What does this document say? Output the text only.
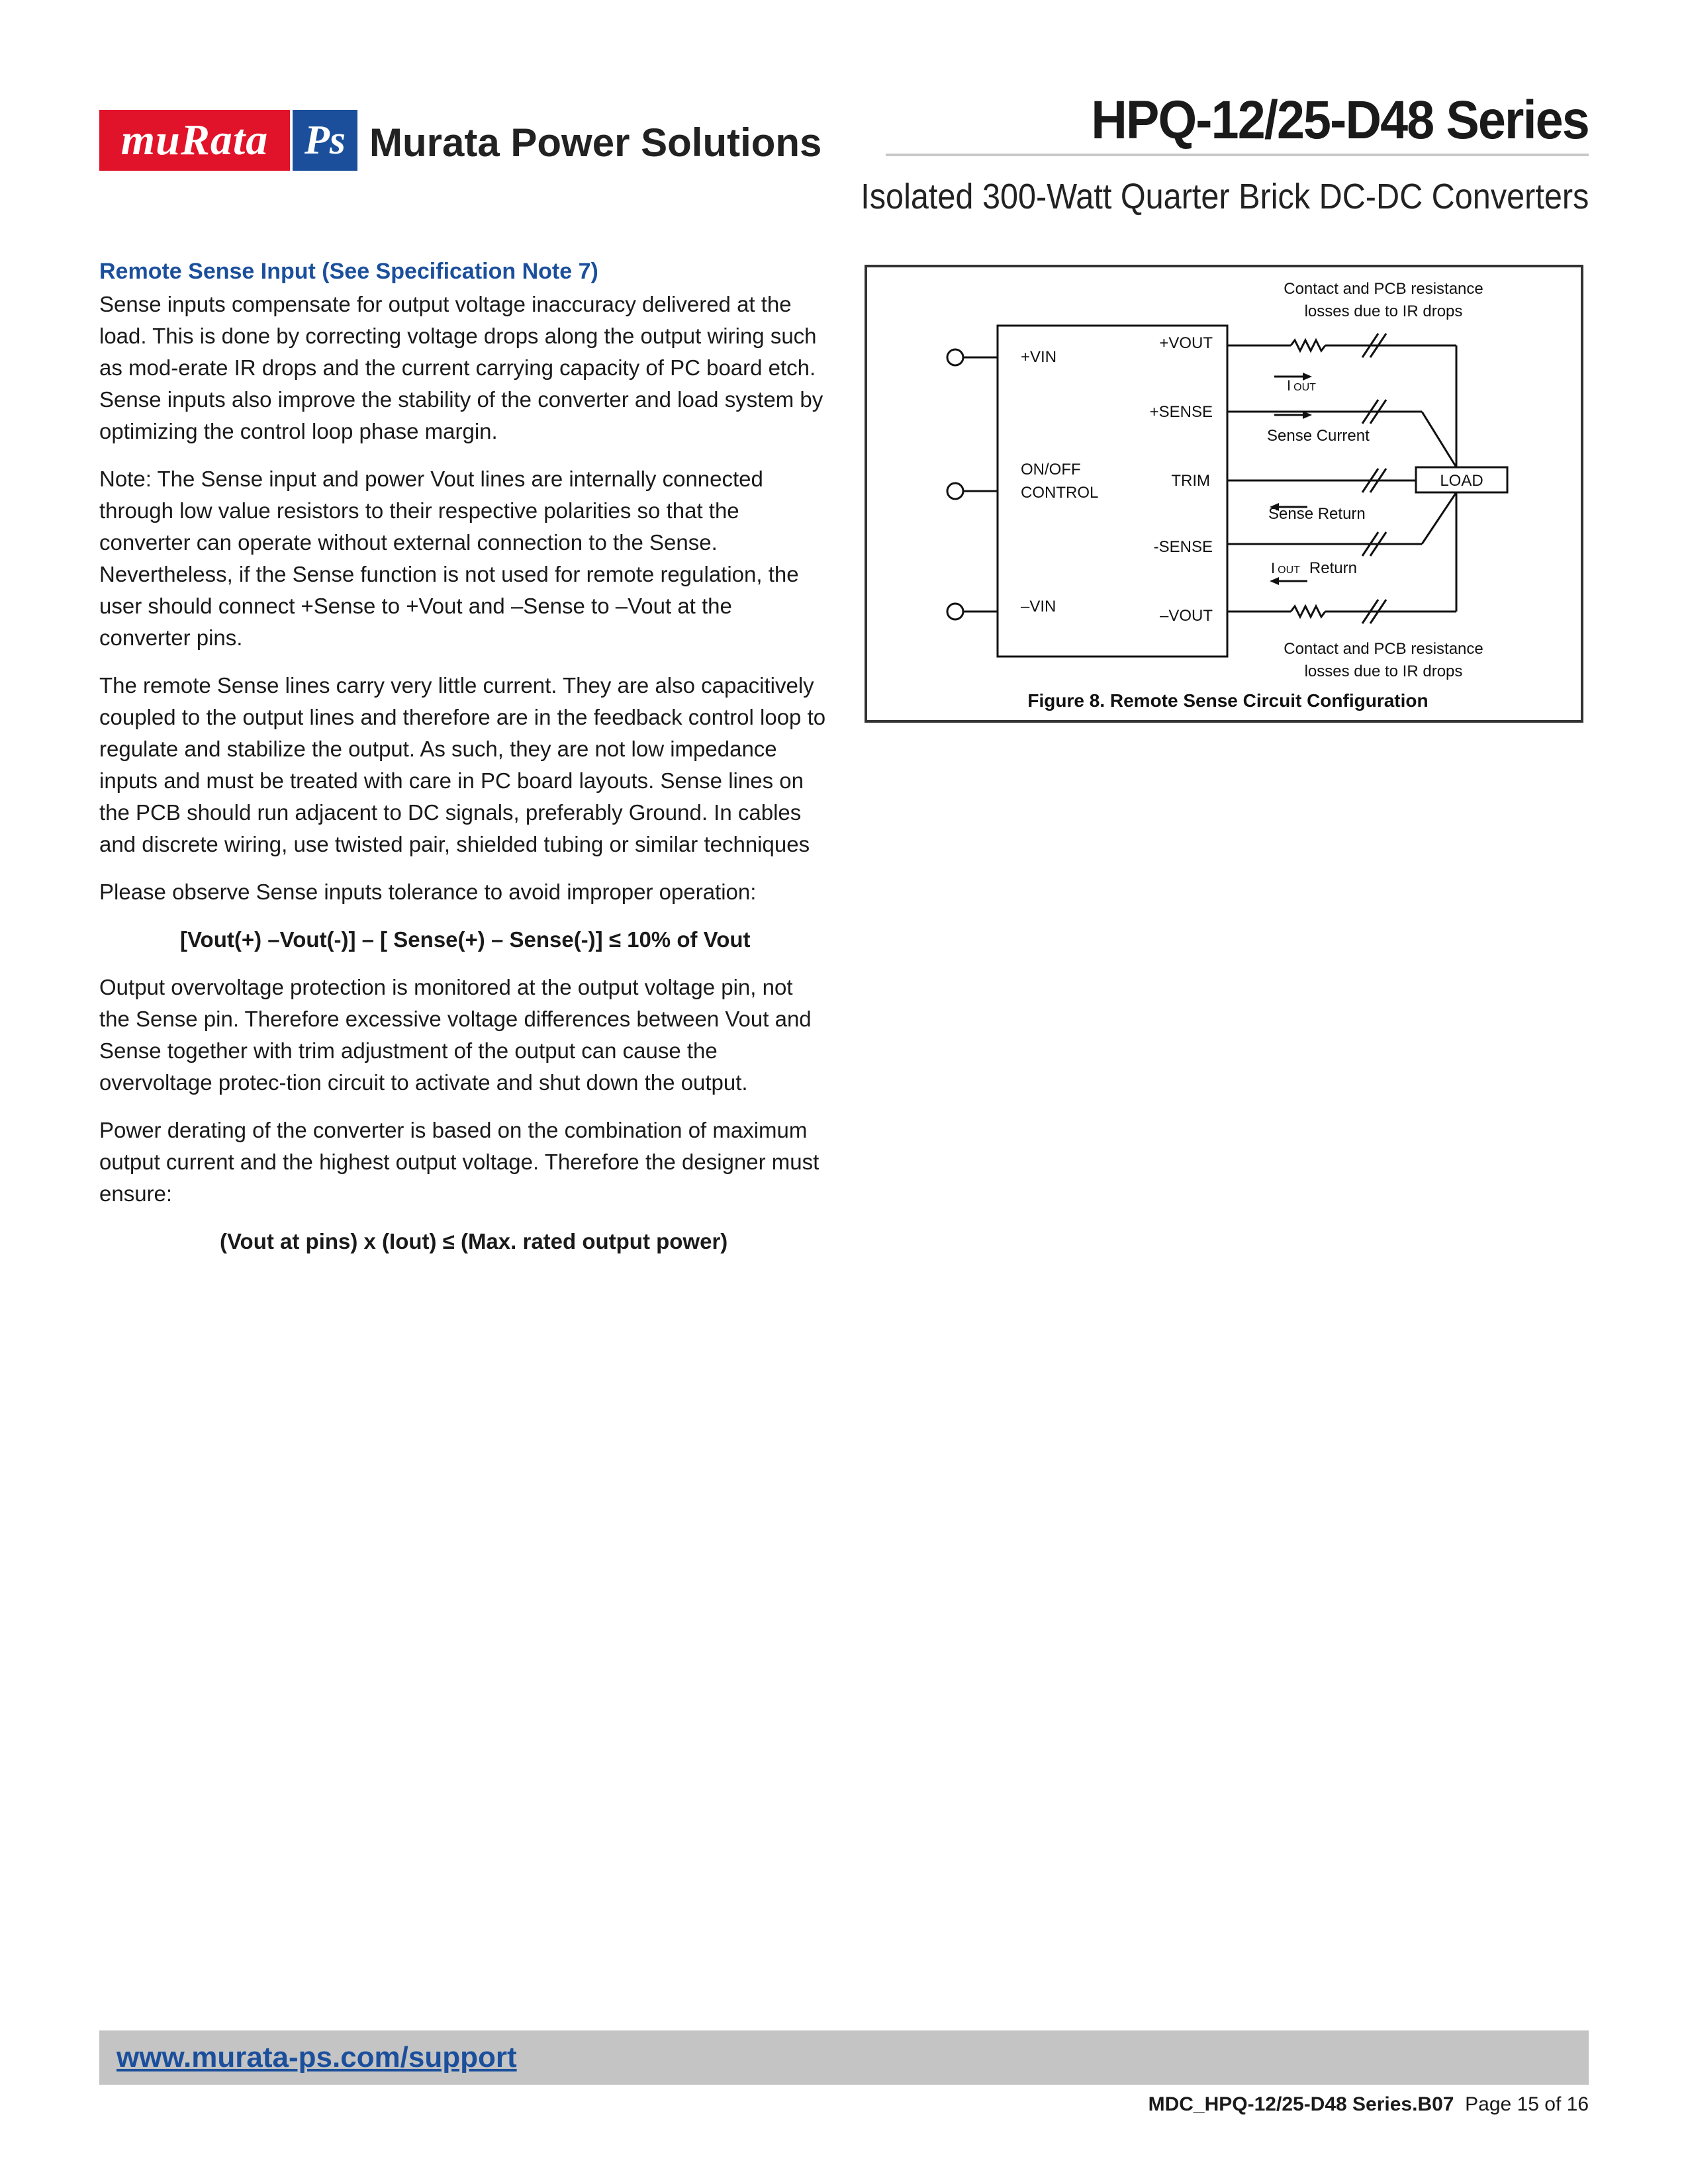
muRata Ps Murata Power Solutions	HPQ-12/25-D48 Series
Isolated 300-Watt Quarter Brick DC-DC Converters
Remote Sense Input (See Specification Note 7)

Sense inputs compensate for output voltage inaccuracy delivered at the load. This is done by correcting voltage drops along the output wiring such as mod-erate IR drops and the current carrying capacity of PC board etch. Sense inputs also improve the stability of the converter and load system by optimizing the control loop phase margin.

Note: The Sense input and power Vout lines are internally connected through low value resistors to their respective polarities so that the converter can operate without external connection to the Sense. Nevertheless, if the Sense function is not used for remote regulation, the user should connect +Sense to +Vout and –Sense to –Vout at the converter pins.

The remote Sense lines carry very little current. They are also capacitively coupled to the output lines and therefore are in the feedback control loop to regulate and stabilize the output. As such, they are not low impedance inputs and must be treated with care in PC board layouts. Sense lines on the PCB should run adjacent to DC signals, preferably Ground. In cables and discrete wiring, use twisted pair, shielded tubing or similar techniques

Please observe Sense inputs tolerance to avoid improper operation:

[Vout(+) –Vout(-)] – [ Sense(+) – Sense(-)] ≤ 10% of Vout

Output overvoltage protection is monitored at the output voltage pin, not the Sense pin. Therefore excessive voltage differences between Vout and Sense together with trim adjustment of the output can cause the overvoltage protec-tion circuit to activate and shut down the output.

Power derating of the converter is based on the combination of maximum output current and the highest output voltage. Therefore the designer must ensure:

(Vout at pins) x (Iout) ≤ (Max. rated output power)
Contact and PCB resistance
losses due to IR drops
+VIN
ON/OFF
CONTROL
–VIN
+VOUT
+SENSE
TRIM
-SENSE
–VOUT
I OUT
Sense Current
LOAD
Sense Return
I OUT Return
Contact and PCB resistance
losses due to IR drops
Figure 8. Remote Sense Circuit Configuration
www.murata-ps.com/support
MDC_HPQ-12/25-D48 Series.B07 Page 15 of 16
